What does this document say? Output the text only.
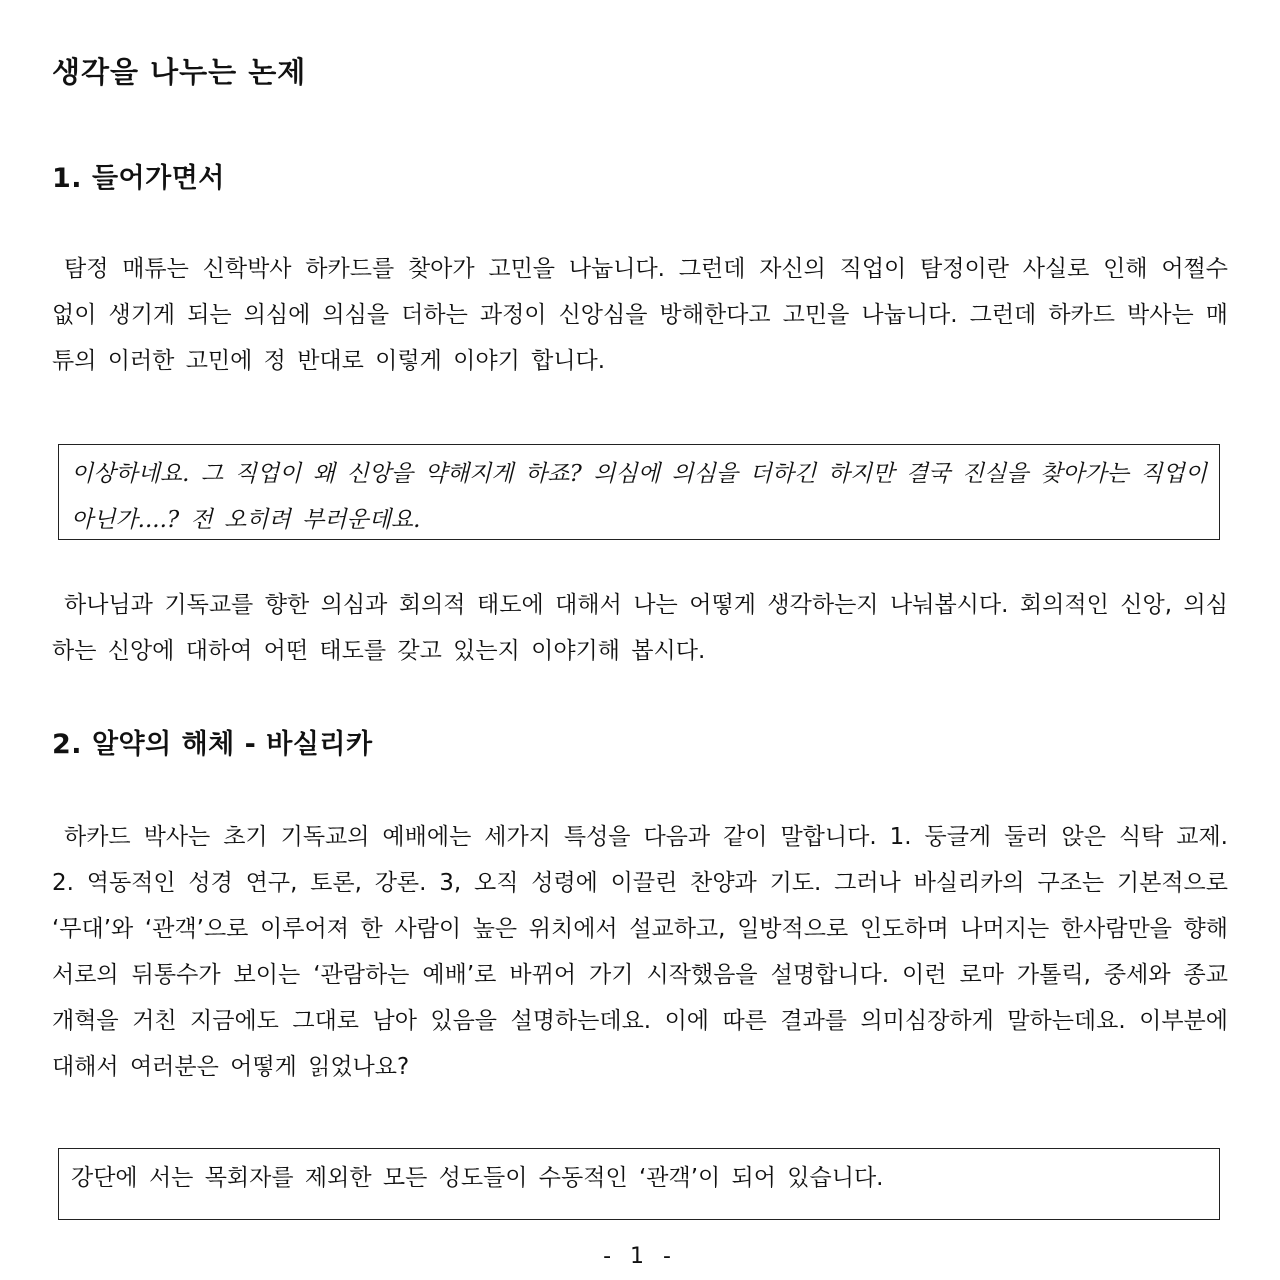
생각을 나누는 논제
1. 들어가면서

탐정 매튜는 신학박사 하카드를 찾아가 고민을 나눕니다. 그런데 자신의 직업이 탐정이란 사실로 인해 어쩔수 없이 생기게 되는 의심에 의심을 더하는 과정이 신앙심을 방해한다고 고민을 나눕니다. 그런데 하카드 박사는 매튜의 이러한 고민에 정 반대로 이렇게 이야기 합니다.

이상하네요. 그 직업이 왜 신앙을 약해지게 하죠? 의심에 의심을 더하긴 하지만 결국 진실을 찾아가는 직업이 아닌가....? 전 오히려 부러운데요.

하나님과 기독교를 향한 의심과 회의적 태도에 대해서 나는 어떻게 생각하는지 나눠봅시다. 회의적인 신앙, 의심하는 신앙에 대하여 어떤 태도를 갖고 있는지 이야기해 봅시다.

2. 알약의 해체 - 바실리카

하카드 박사는 초기 기독교의 예배에는 세가지 특성을 다음과 같이 말합니다. 1. 둥글게 둘러 앉은 식탁 교제. 2. 역동적인 성경 연구, 토론, 강론. 3, 오직 성령에 이끌린 찬양과 기도. 그러나 바실리카의 구조는 기본적으로 ‘무대’와 ‘관객’으로 이루어져 한 사람이 높은 위치에서 설교하고, 일방적으로 인도하며 나머지는 한사람만을 향해 서로의 뒤통수가 보이는 ‘관람하는 예배’로 바뀌어 가기 시작했음을 설명합니다. 이런 로마 가톨릭, 중세와 종교개혁을 거친 지금에도 그대로 남아 있음을 설명하는데요. 이에 따른 결과를 의미심장하게 말하는데요. 이부분에 대해서 여러분은 어떻게 읽었나요?

강단에 서는 목회자를 제외한 모든 성도들이 수동적인 ‘관객’이 되어 있습니다.

- 1 -
